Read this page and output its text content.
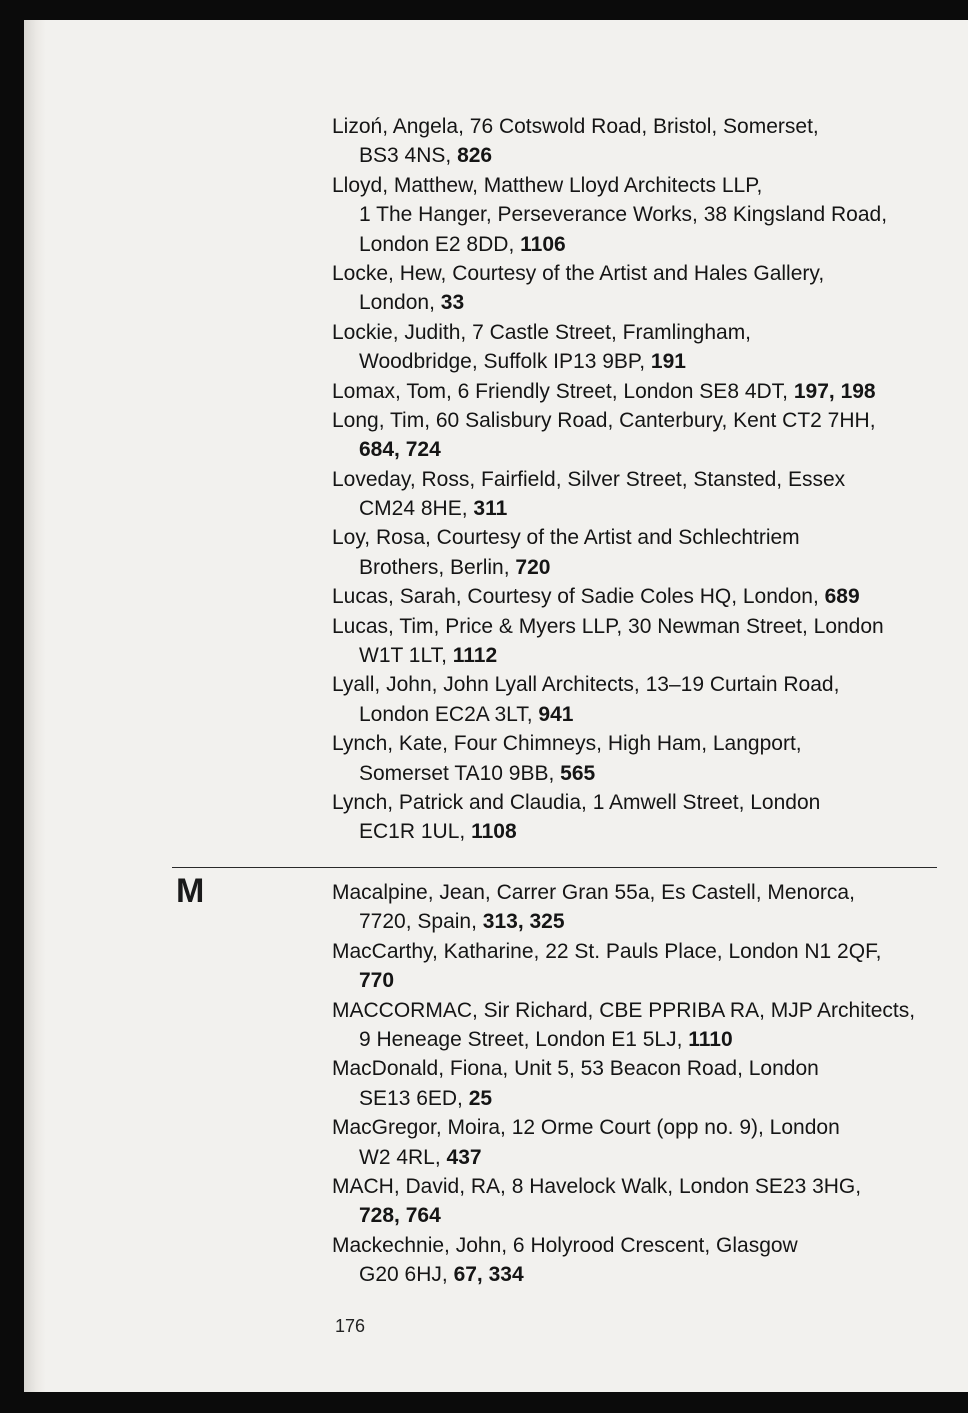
Lizoń, Angela, 76 Cotswold Road, Bristol, Somerset,
BS3 4NS, 826
Lloyd, Matthew, Matthew Lloyd Architects LLP,
1 The Hanger, Perseverance Works, 38 Kingsland Road,
London E2 8DD, 1106
Locke, Hew, Courtesy of the Artist and Hales Gallery,
London, 33
Lockie, Judith, 7 Castle Street, Framlingham,
Woodbridge, Suffolk IP13 9BP, 191
Lomax, Tom, 6 Friendly Street, London SE8 4DT, 197, 198
Long, Tim, 60 Salisbury Road, Canterbury, Kent CT2 7HH,
684, 724
Loveday, Ross, Fairfield, Silver Street, Stansted, Essex
CM24 8HE, 311
Loy, Rosa, Courtesy of the Artist and Schlechtriem
Brothers, Berlin, 720
Lucas, Sarah, Courtesy of Sadie Coles HQ, London, 689
Lucas, Tim, Price & Myers LLP, 30 Newman Street, London
W1T 1LT, 1112
Lyall, John, John Lyall Architects, 13–19 Curtain Road,
London EC2A 3LT, 941
Lynch, Kate, Four Chimneys, High Ham, Langport,
Somerset TA10 9BB, 565
Lynch, Patrick and Claudia, 1 Amwell Street, London
EC1R 1UL, 1108
M	Macalpine, Jean, Carrer Gran 55a, Es Castell, Menorca,
7720, Spain, 313, 325
MacCarthy, Katharine, 22 St. Pauls Place, London N1 2QF,
770
MACCORMAC, Sir Richard, CBE PPRIBA RA, MJP Architects,
9 Heneage Street, London E1 5LJ, 1110
MacDonald, Fiona, Unit 5, 53 Beacon Road, London
SE13 6ED, 25
MacGregor, Moira, 12 Orme Court (opp no. 9), London
W2 4RL, 437
MACH, David, RA, 8 Havelock Walk, London SE23 3HG,
728, 764
Mackechnie, John, 6 Holyrood Crescent, Glasgow
G20 6HJ, 67, 334
176
